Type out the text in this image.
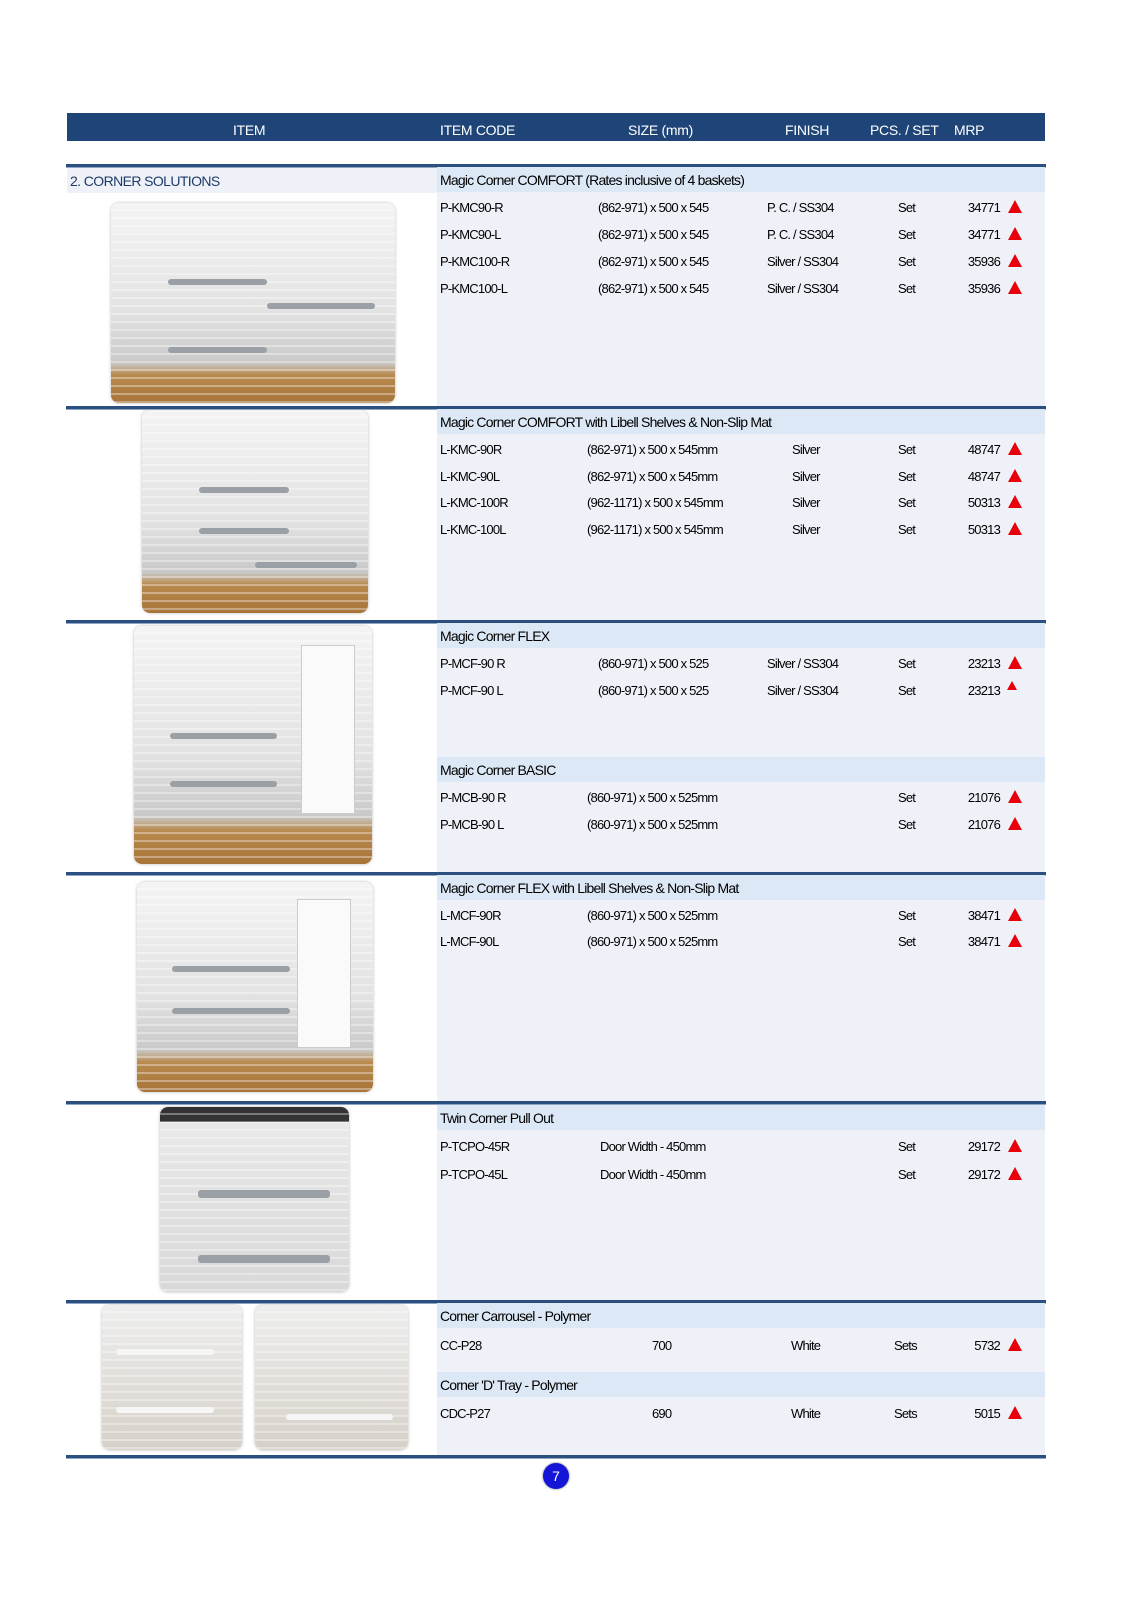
ITEM	ITEM CODE	SIZE (mm)	FINISH	PCS. / SET MRP
2. CORNER SOLUTIONS	Magic Corner COMFORT (Rates inclusive of 4 baskets)
P-KMC90-R	(862-971) x 500 x 545	P. C. / SS304	Set	34771
P-KMC90-L	(862-971) x 500 x 545	P. C. / SS304	Set	34771
P-KMC100-R	(862-971) x 500 x 545	Silver / SS304	Set	35936
P-KMC100-L	(862-971) x 500 x 545	Silver / SS304	Set	35936
Magic Corner COMFORT with Libell Shelves & Non-Slip Mat
L-KMC-90R	(862-971) x 500 x 545mm	Silver	Set	48747
L-KMC-90L	(862-971) x 500 x 545mm	Silver	Set	48747
L-KMC-100R	(962-1171) x 500 x 545mm	Silver	Set	50313
L-KMC-100L	(962-1171) x 500 x 545mm	Silver	Set	50313
Magic Corner FLEX
P-MCF-90 R	(860-971) x 500 x 525	Silver / SS304	Set	23213
P-MCF-90 L	(860-971) x 500 x 525	Silver / SS304	Set	23213
Magic Corner BASIC
P-MCB-90 R	(860-971) x 500 x 525mm	Set	21076
P-MCB-90 L	(860-971) x 500 x 525mm	Set	21076
Magic Corner FLEX with Libell Shelves & Non-Slip Mat
L-MCF-90R	(860-971) x 500 x 525mm	Set	38471
L-MCF-90L	(860-971) x 500 x 525mm	Set	38471
Twin Corner Pull Out
P-TCPO-45R	Door Width - 450mm	Set	29172
P-TCPO-45L	Door Width - 450mm	Set	29172
Corner Carrousel - Polymer
CC-P28	700	White	Sets	5732
Corner 'D' Tray - Polymer
CDC-P27	690	White	Sets	5015
7
